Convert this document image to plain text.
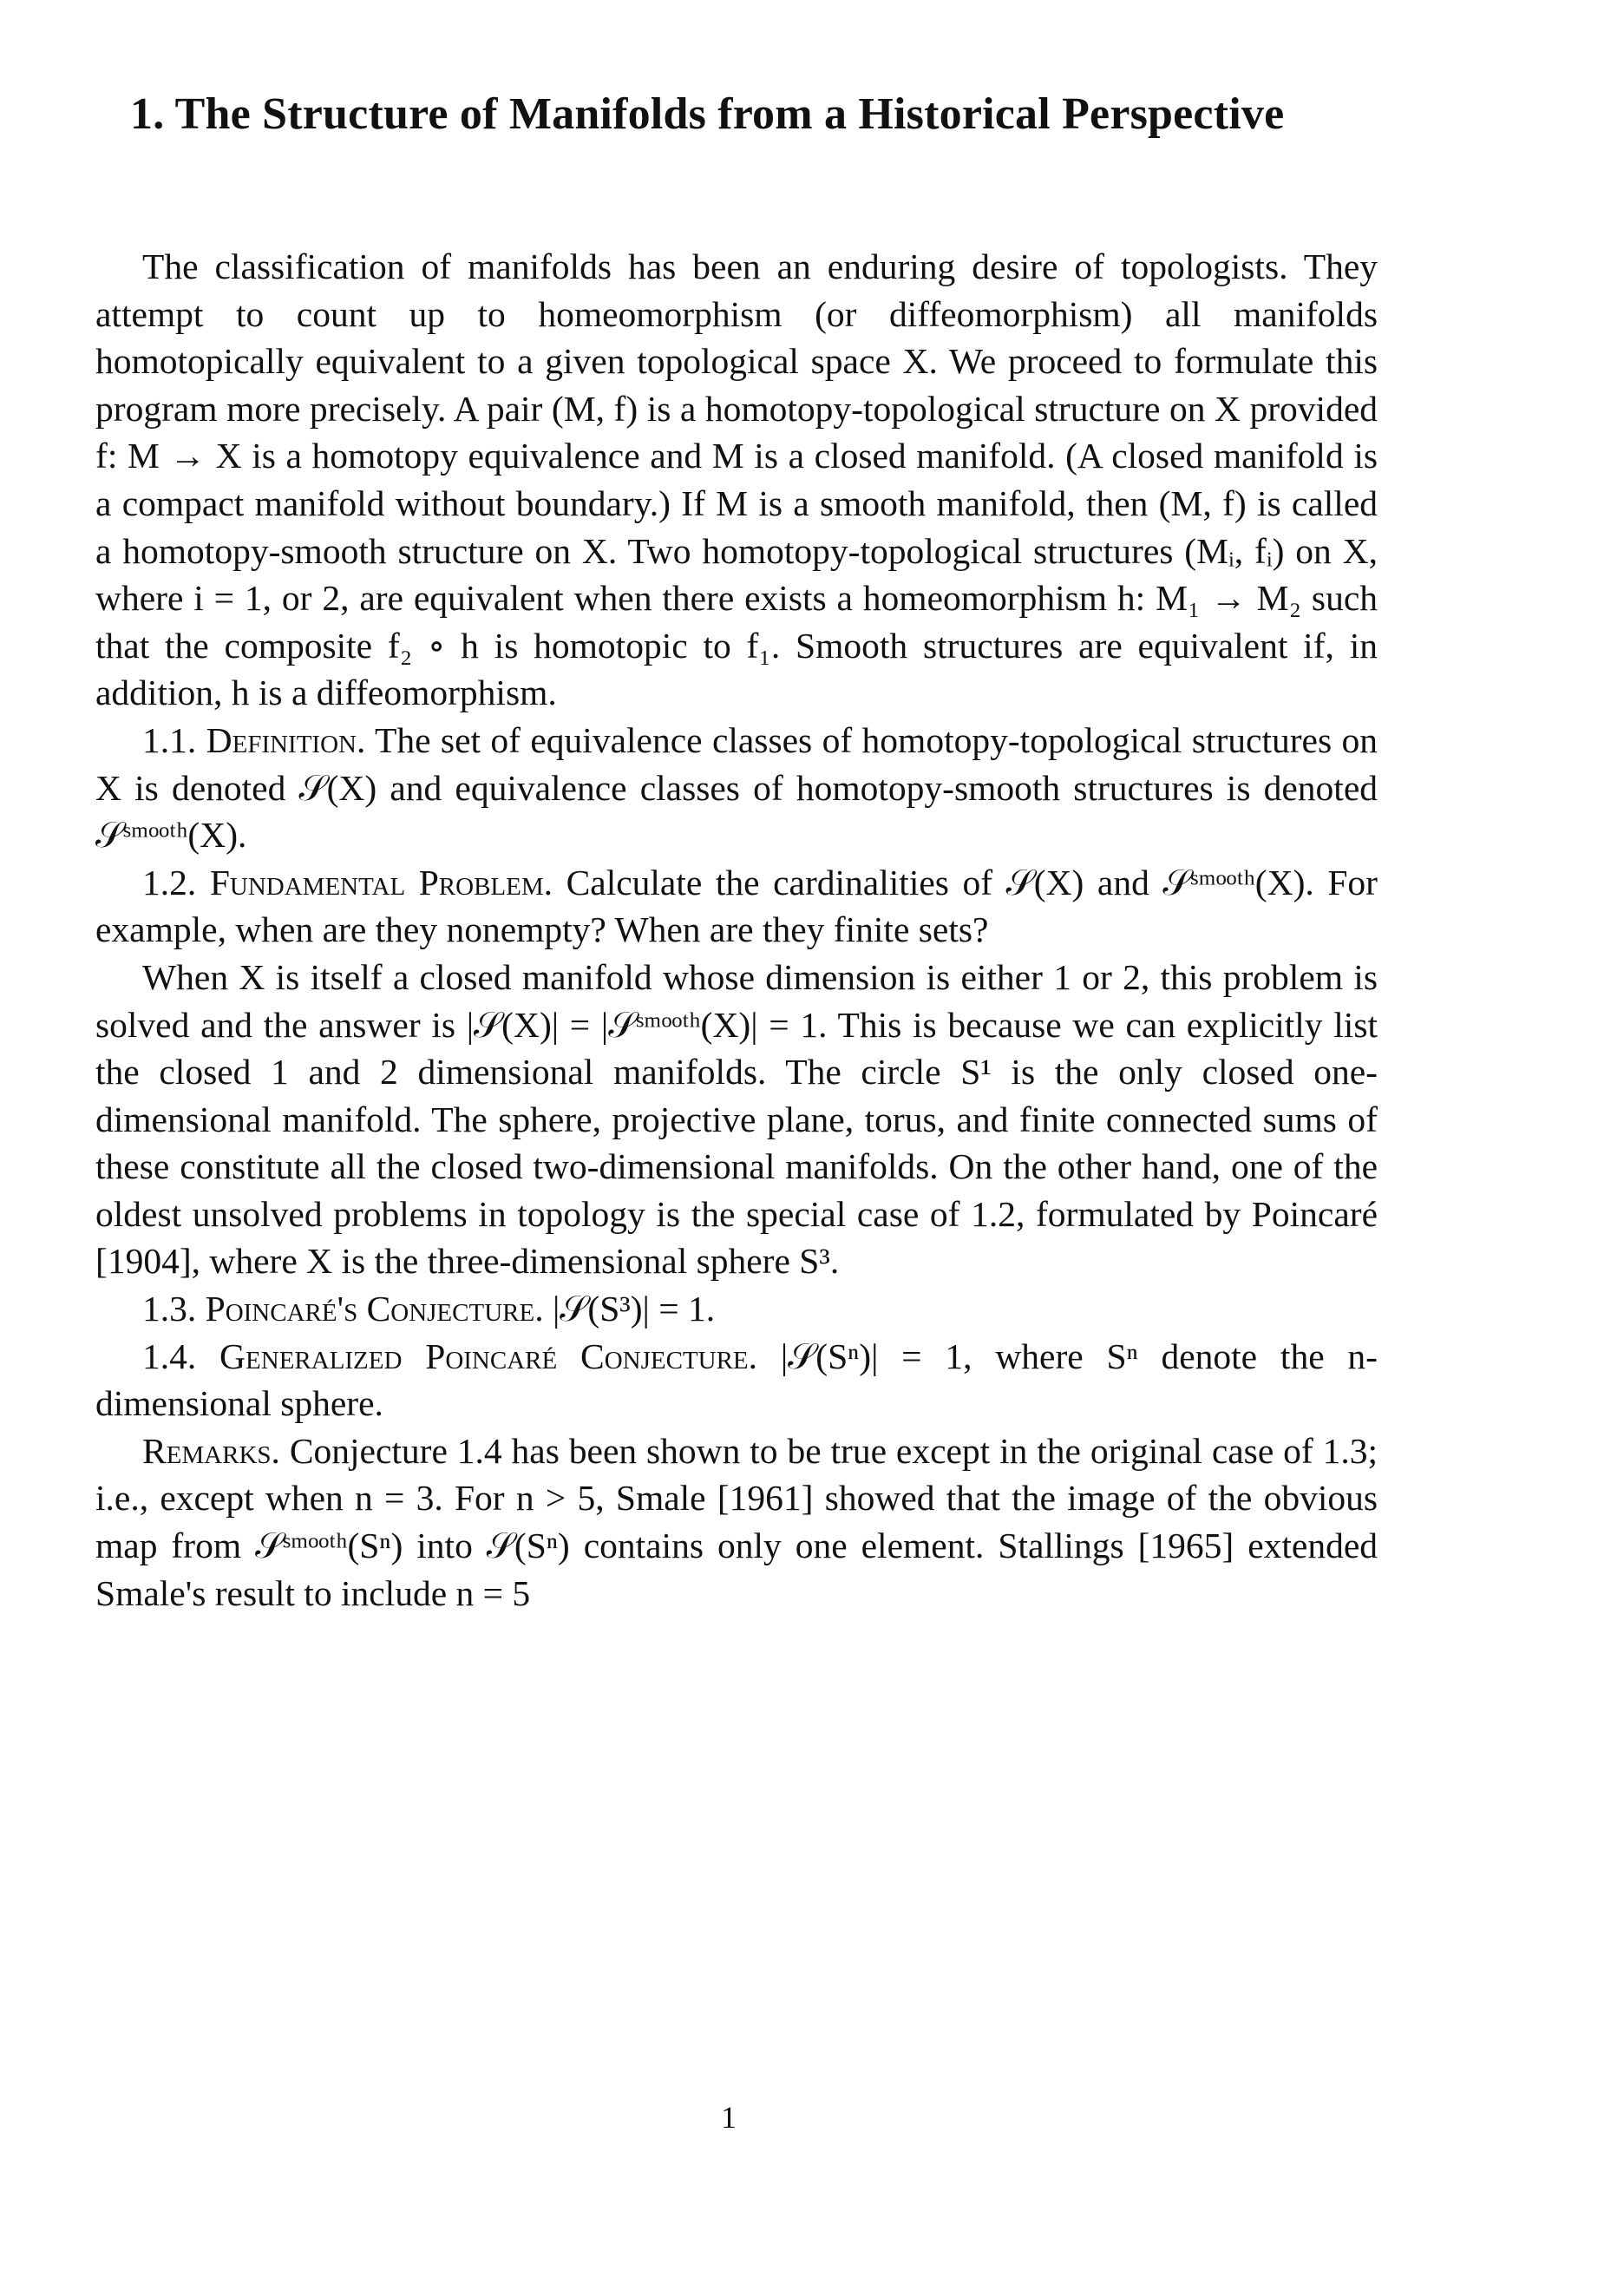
1. The Structure of Manifolds from a Historical Perspective

The classification of manifolds has been an enduring desire of topologists. They attempt to count up to homeomorphism (or diffeomorphism) all manifolds homotopically equivalent to a given topological space X. We proceed to formulate this program more precisely. A pair (M, f) is a homotopy-topological structure on X provided f: M → X is a homotopy equivalence and M is a closed manifold. (A closed manifold is a compact manifold without boundary.) If M is a smooth manifold, then (M, f) is called a homotopy-smooth structure on X. Two homotopy-topological structures (Mᵢ, fᵢ) on X, where i = 1, or 2, are equivalent when there exists a homeomorphism h: M₁ → M₂ such that the composite f₂ ∘ h is homotopic to f₁. Smooth structures are equivalent if, in addition, h is a diffeomorphism.

1.1. Definition. The set of equivalence classes of homotopy-topological structures on X is denoted 𝒮(X) and equivalence classes of homotopy-smooth structures is denoted 𝒮ˢᵐᵒᵒᵗʰ(X).

1.2. Fundamental Problem. Calculate the cardinalities of 𝒮(X) and 𝒮ˢᵐᵒᵒᵗʰ(X). For example, when are they nonempty? When are they finite sets?

When X is itself a closed manifold whose dimension is either 1 or 2, this problem is solved and the answer is |𝒮(X)| = |𝒮ˢᵐᵒᵒᵗʰ(X)| = 1. This is because we can explicitly list the closed 1 and 2 dimensional manifolds. The circle S¹ is the only closed one-dimensional manifold. The sphere, projective plane, torus, and finite connected sums of these constitute all the closed two-dimensional manifolds. On the other hand, one of the oldest unsolved problems in topology is the special case of 1.2, formulated by Poincaré [1904], where X is the three-dimensional sphere S³.

1.3. Poincaré's Conjecture. |𝒮(S³)| = 1.

1.4. Generalized Poincaré Conjecture. |𝒮(Sⁿ)| = 1, where Sⁿ denote the n-dimensional sphere.

Remarks. Conjecture 1.4 has been shown to be true except in the original case of 1.3; i.e., except when n = 3. For n > 5, Smale [1961] showed that the image of the obvious map from 𝒮ˢᵐᵒᵒᵗʰ(Sⁿ) into 𝒮(Sⁿ) contains only one element. Stallings [1965] extended Smale's result to include n = 5

1
